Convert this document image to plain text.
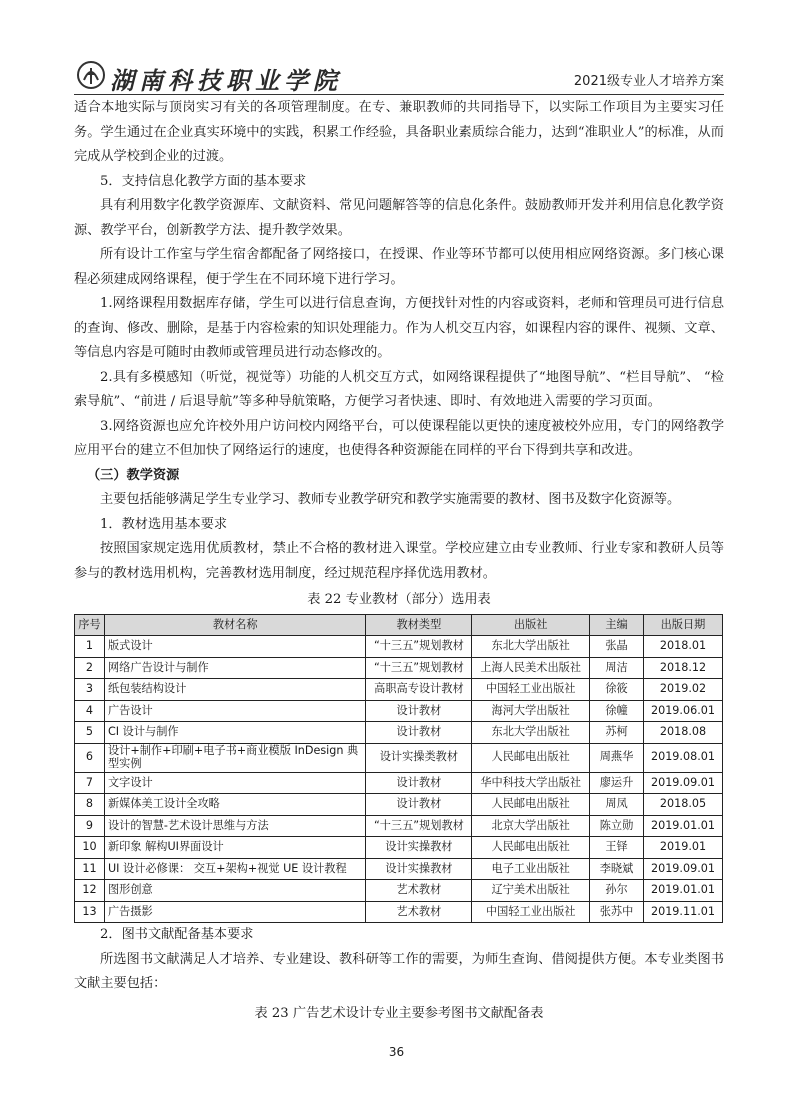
湖南科技职业学院	2021级专业人才培养方案

适合本地实际与顶岗实习有关的各项管理制度。在专、兼职教师的共同指导下，以实际工作项目为主要实习任务。学生通过在企业真实环境中的实践，积累工作经验，具备职业素质综合能力，达到“准职业人”的标准，从而完成从学校到企业的过渡。

5．支持信息化教学方面的基本要求

具有利用数字化教学资源库、文献资料、常见问题解答等的信息化条件。鼓励教师开发并利用信息化教学资源、教学平台，创新教学方法、提升教学效果。

所有设计工作室与学生宿舍都配备了网络接口，在授课、作业等环节都可以使用相应网络资源。多门核心课程必须建成网络课程，便于学生在不同环境下进行学习。

1.网络课程用数据库存储，学生可以进行信息查询，方便找针对性的内容或资料，老师和管理员可进行信息的查询、修改、删除，是基于内容检索的知识处理能力。作为人机交互内容，如课程内容的课件、视频、文章、等信息内容是可随时由教师或管理员进行动态修改的。

2.具有多模感知（听觉，视觉等）功能的人机交互方式，如网络课程提供了“地图导航”、“栏目导航”、 “检索导航”、“前进 / 后退导航”等多种导航策略，方便学习者快速、即时、有效地进入需要的学习页面。

3.网络资源也应允许校外用户访问校内网络平台，可以使课程能以更快的速度被校外应用，专门的网络教学应用平台的建立不但加快了网络运行的速度，也使得各种资源能在同样的平台下得到共享和改进。

（三）教学资源

主要包括能够满足学生专业学习、教师专业教学研究和教学实施需要的教材、图书及数字化资源等。

1．教材选用基本要求

按照国家规定选用优质教材，禁止不合格的教材进入课堂。学校应建立由专业教师、行业专家和教研人员等参与的教材选用机构，完善教材选用制度，经过规范程序择优选用教材。

表 22 专业教材（部分）选用表

序号	教材名称	教材类型	出版社	主编	出版日期
1	版式设计	“十三五”规划教材	东北大学出版社	张晶	2018.01
2	网络广告设计与制作	“十三五”规划教材	上海人民美术出版社	周洁	2018.12
3	纸包装结构设计	高职高专设计教材	中国轻工业出版社	徐筱	2019.02
4	广告设计	设计教材	海河大学出版社	徐幢	2019.06.01
5	CI 设计与制作	设计教材	东北大学出版社	苏柯	2018.08
6	设计+制作+印刷+电子书+商业模版 InDesign 典型实例	设计实操类教材	人民邮电出版社	周燕华	2019.08.01
7	文字设计	设计教材	华中科技大学出版社	廖运升	2019.09.01
8	新媒体美工设计全攻略	设计教材	人民邮电出版社	周凤	2018.05
9	设计的智慧-艺术设计思维与方法	“十三五”规划教材	北京大学出版社	陈立勋	2019.01.01
10	新印象 解构UI界面设计	设计实操教材	人民邮电出版社	王铎	2019.01
11	UI 设计必修课： 交互+架构+视觉 UE 设计教程	设计实操教材	电子工业出版社	李晓斌	2019.09.01
12	图形创意	艺术教材	辽宁美术出版社	孙尔	2019.01.01
13	广告摄影	艺术教材	中国轻工业出版社	张苏中	2019.11.01

2．图书文献配备基本要求

所选图书文献满足人才培养、专业建设、教科研等工作的需要，为师生查询、借阅提供方便。本专业类图书文献主要包括：

表 23 广告艺术设计专业主要参考图书文献配备表

36
